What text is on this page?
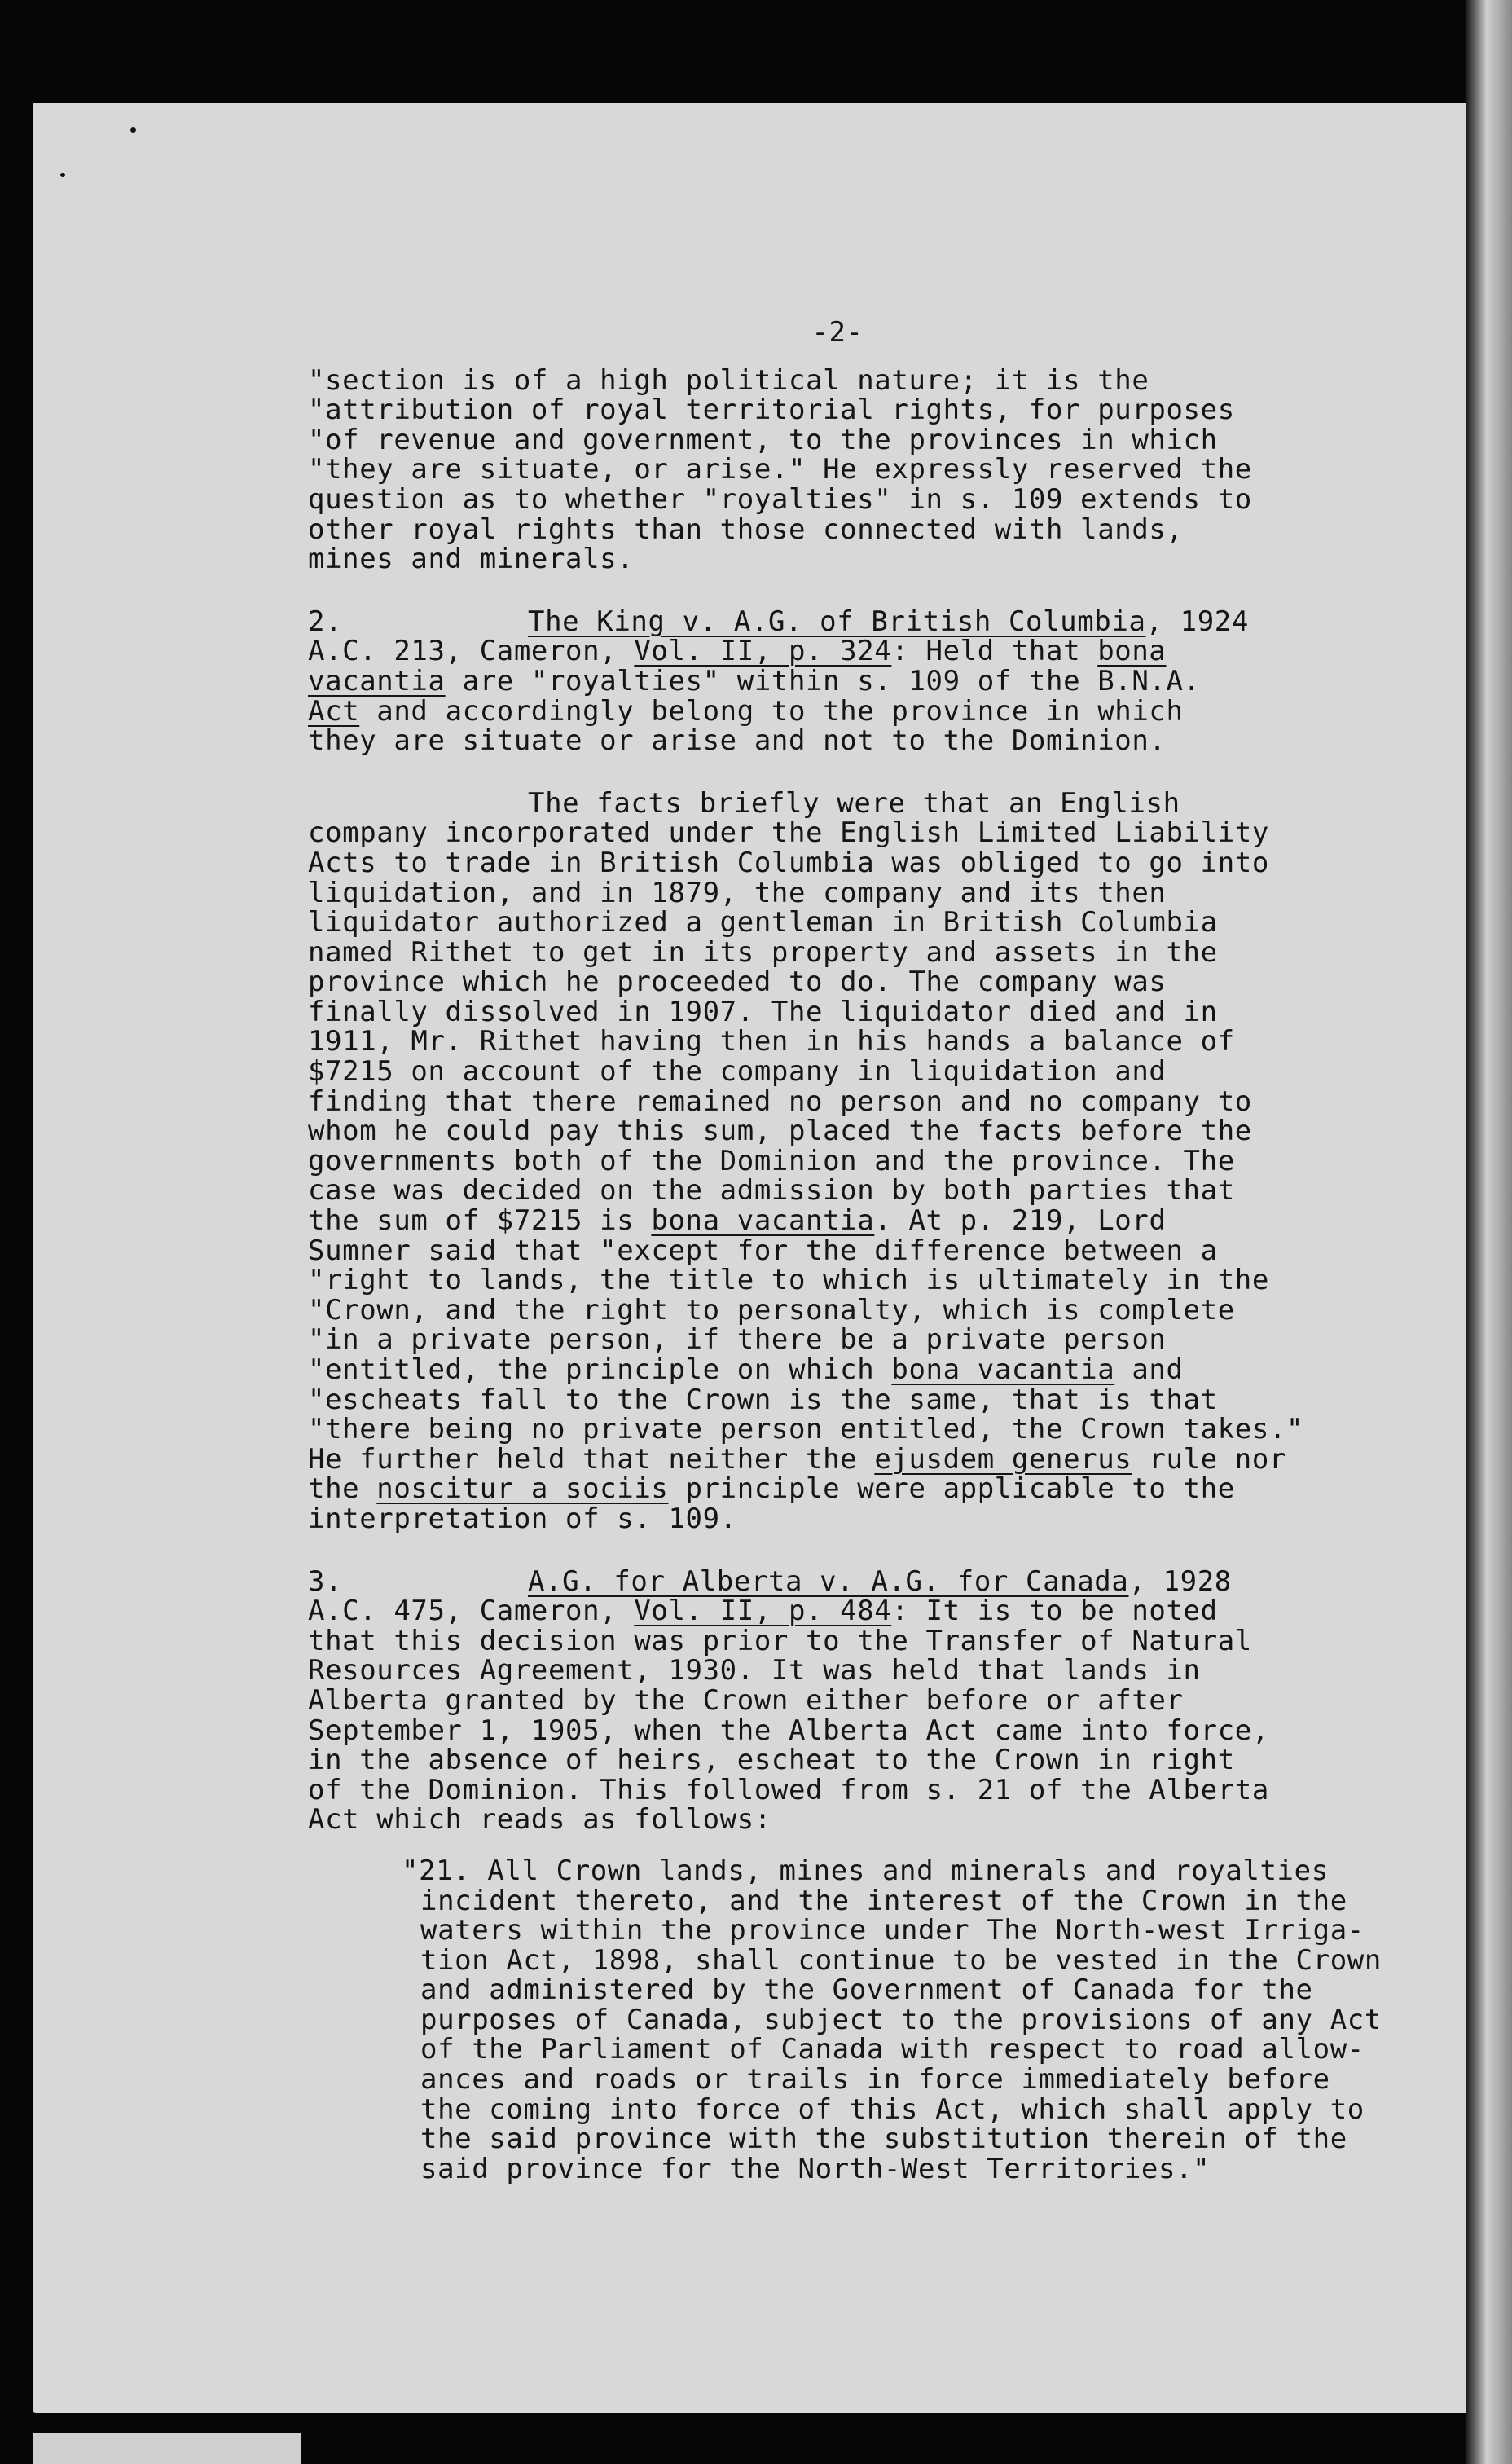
-2-

"section is of a high political nature; it is the

"attribution of royal territorial rights, for purposes

"of revenue and government, to the provinces in which

"they are situate, or arise." He expressly reserved the

question as to whether "royalties" in s. 109 extends to

other royal rights than those connected with lands,

mines and minerals.

2.	The King v. A.G. of British Columbia, 1924

A.C. 213, Cameron, Vol. II, p. 324: Held that bona

vacantia are "royalties" within s. 109 of the B.N.A.

Act and accordingly belong to the province in which

they are situate or arise and not to the Dominion.

The facts briefly were that an English

company incorporated under the English Limited Liability

Acts to trade in British Columbia was obliged to go into

liquidation, and in 1879, the company and its then

liquidator authorized a gentleman in British Columbia

named Rithet to get in its property and assets in the

province which he proceeded to do. The company was

finally dissolved in 1907. The liquidator died and in

1911, Mr. Rithet having then in his hands a balance of

$7215 on account of the company in liquidation and

finding that there remained no person and no company to

whom he could pay this sum, placed the facts before the

governments both of the Dominion and the province. The

case was decided on the admission by both parties that

the sum of $7215 is bona vacantia. At p. 219, Lord

Sumner said that "except for the difference between a

"right to lands, the title to which is ultimately in the

"Crown, and the right to personalty, which is complete

"in a private person, if there be a private person

"entitled, the principle on which bona vacantia and

"escheats fall to the Crown is the same, that is that

"there being no private person entitled, the Crown takes."

He further held that neither the ejusdem generus rule nor

the noscitur a sociis principle were applicable to the

interpretation of s. 109.

3.	A.G. for Alberta v. A.G. for Canada, 1928

A.C. 475, Cameron, Vol. II, p. 484: It is to be noted

that this decision was prior to the Transfer of Natural

Resources Agreement, 1930. It was held that lands in

Alberta granted by the Crown either before or after

September 1, 1905, when the Alberta Act came into force,

in the absence of heirs, escheat to the Crown in right

of the Dominion. This followed from s. 21 of the Alberta

Act which reads as follows:

"21. All Crown lands, mines and minerals and royalties

incident thereto, and the interest of the Crown in the

waters within the province under The North-west Irriga-

tion Act, 1898, shall continue to be vested in the Crown

and administered by the Government of Canada for the

purposes of Canada, subject to the provisions of any Act

of the Parliament of Canada with respect to road allow-

ances and roads or trails in force immediately before

the coming into force of this Act, which shall apply to

the said province with the substitution therein of the

said province for the North-West Territories."
